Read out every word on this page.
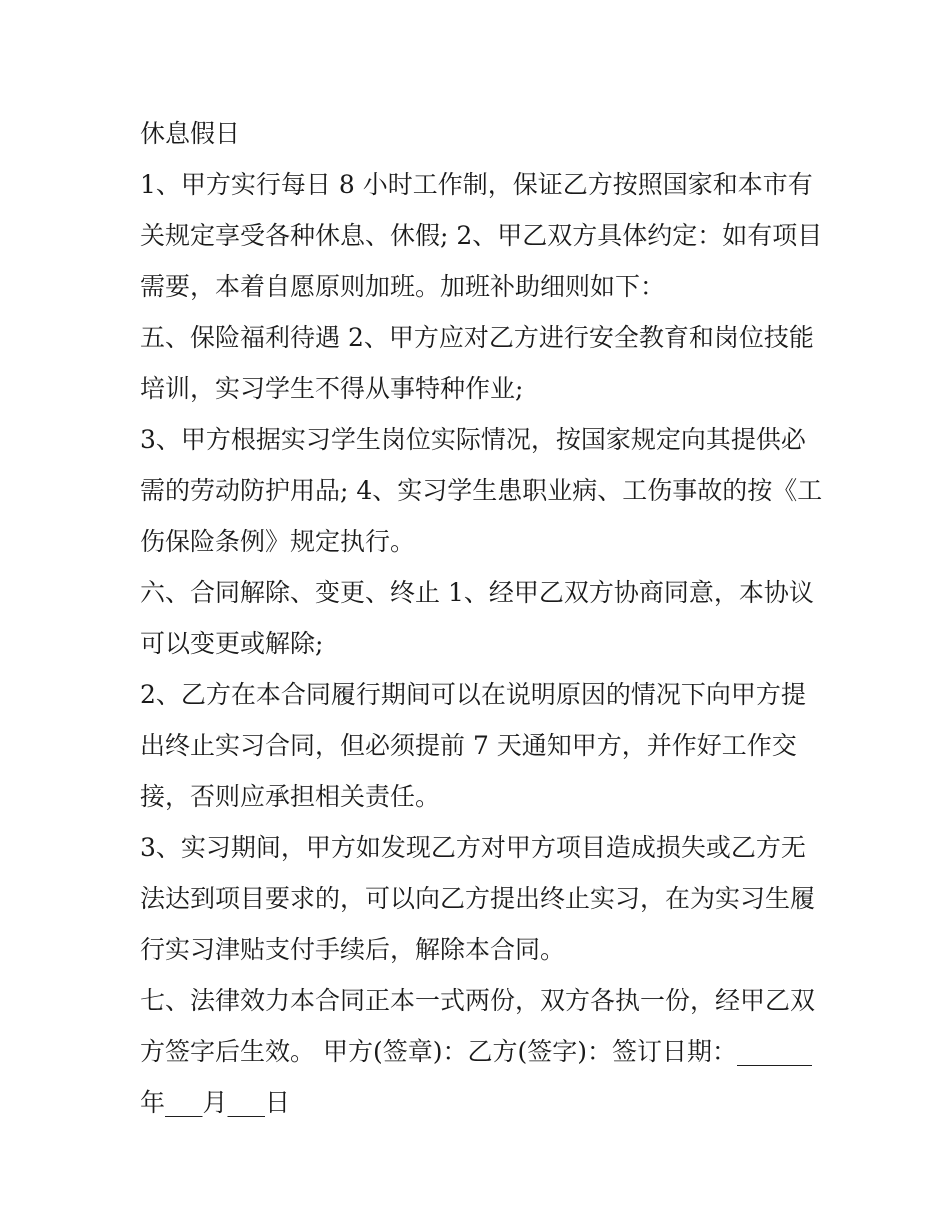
休息假日
1、甲方实行每日 8 小时工作制，保证乙方按照国家和本市有
关规定享受各种休息、休假; 2、甲乙双方具体约定：如有项目
需要，本着自愿原则加班。加班补助细则如下：
五、保险福利待遇 2、甲方应对乙方进行安全教育和岗位技能
培训，实习学生不得从事特种作业;
3、甲方根据实习学生岗位实际情况，按国家规定向其提供必
需的劳动防护用品; 4、实习学生患职业病、工伤事故的按《工
伤保险条例》规定执行。
六、合同解除、变更、终止 1、经甲乙双方协商同意，本协议
可以变更或解除;
2、乙方在本合同履行期间可以在说明原因的情况下向甲方提
出终止实习合同，但必须提前 7 天通知甲方，并作好工作交
接，否则应承担相关责任。
3、实习期间，甲方如发现乙方对甲方项目造成损失或乙方无
法达到项目要求的，可以向乙方提出终止实习，在为实习生履
行实习津贴支付手续后，解除本合同。
七、法律效力本合同正本一式两份，双方各执一份，经甲乙双
方签字后生效。 甲方(签章)：乙方(签字)：签订日期：______
年___月___日
